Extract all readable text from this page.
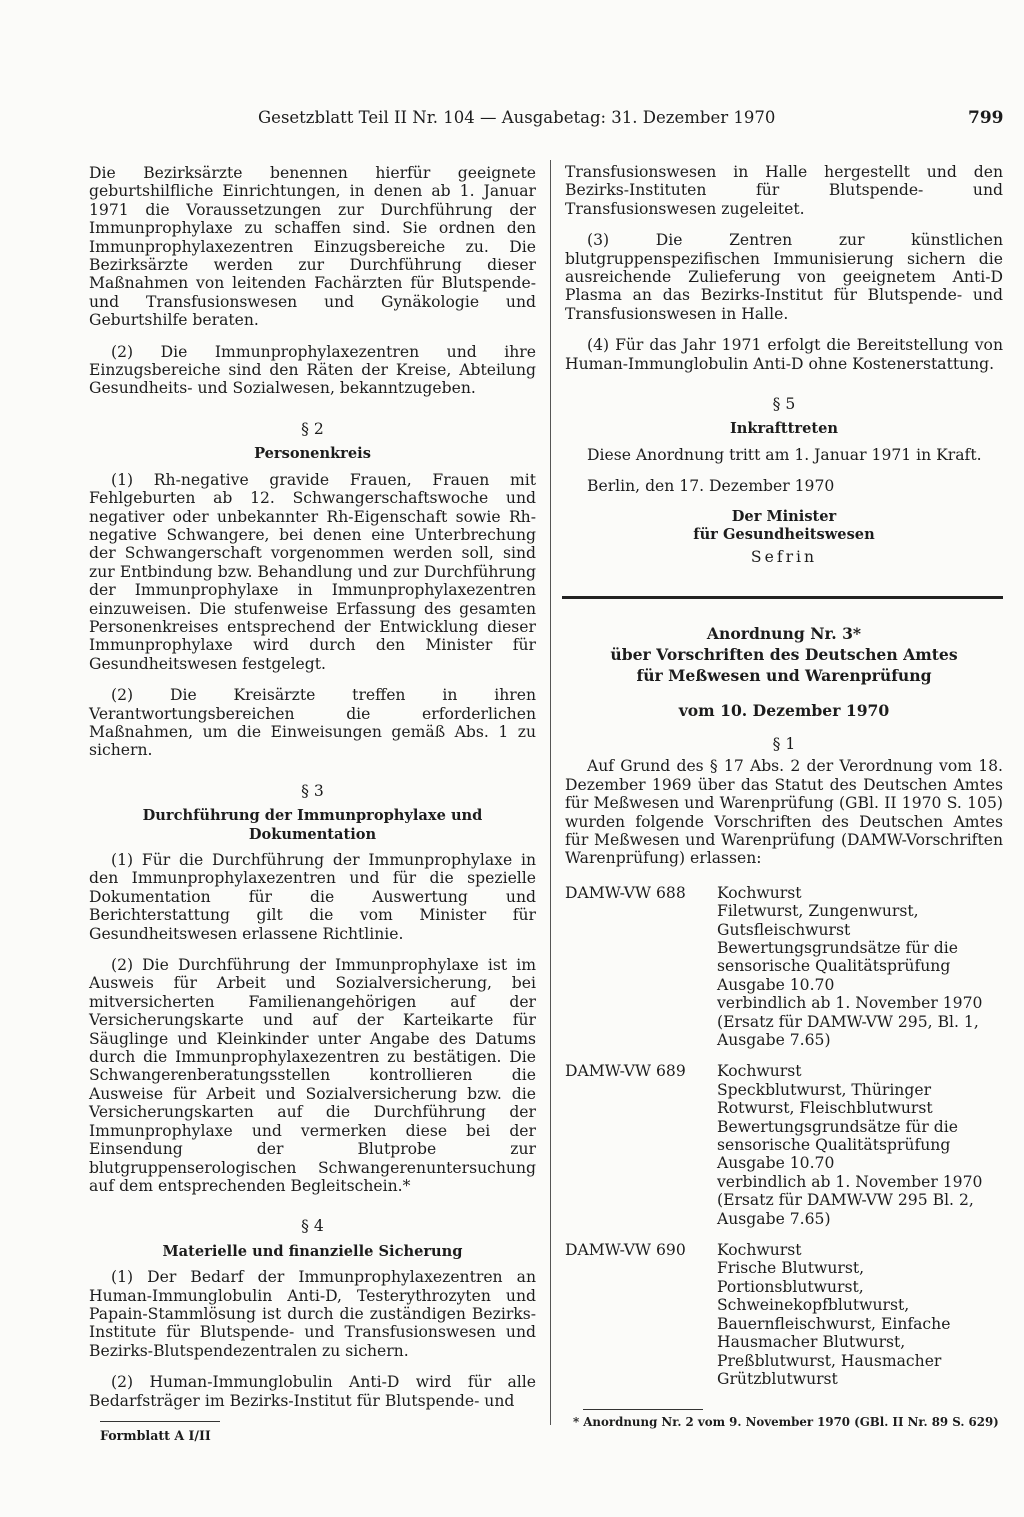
Gesetzblatt Teil II Nr. 104 — Ausgabetag: 31. Dezember 1970	799

Die Bezirksärzte benennen hierfür geeignete geburtshilfliche Einrichtungen, in denen ab 1. Januar 1971 die Voraussetzungen zur Durchführung der Immunprophylaxe zu schaffen sind. Sie ordnen den Immunprophylaxezentren Einzugsbereiche zu. Die Bezirksärzte werden zur Durchführung dieser Maßnahmen von leitenden Fachärzten für Blutspende- und Transfusionswesen und Gynäkologie und Geburtshilfe beraten.

(2) Die Immunprophylaxezentren und ihre Einzugsbereiche sind den Räten der Kreise, Abteilung Gesundheits- und Sozialwesen, bekanntzugeben.

§ 2
Personenkreis

(1) Rh-negative gravide Frauen, Frauen mit Fehlgeburten ab 12. Schwangerschaftswoche und negativer oder unbekannter Rh-Eigenschaft sowie Rh-negative Schwangere, bei denen eine Unterbrechung der Schwangerschaft vorgenommen werden soll, sind zur Entbindung bzw. Behandlung und zur Durchführung der Immunprophylaxe in Immunprophylaxezentren einzuweisen. Die stufenweise Erfassung des gesamten Personenkreises entsprechend der Entwicklung dieser Immunprophylaxe wird durch den Minister für Gesundheitswesen festgelegt.

(2) Die Kreisärzte treffen in ihren Verantwortungsbereichen die erforderlichen Maßnahmen, um die Einweisungen gemäß Abs. 1 zu sichern.

§ 3
Durchführung der Immunprophylaxe und
Dokumentation

(1) Für die Durchführung der Immunprophylaxe in den Immunprophylaxezentren und für die spezielle Dokumentation für die Auswertung und Berichterstattung gilt die vom Minister für Gesundheitswesen erlassene Richtlinie.

(2) Die Durchführung der Immunprophylaxe ist im Ausweis für Arbeit und Sozialversicherung, bei mitversicherten Familienangehörigen auf der Versicherungskarte und auf der Karteikarte für Säuglinge und Kleinkinder unter Angabe des Datums durch die Immunprophylaxezentren zu bestätigen. Die Schwangerenberatungsstellen kontrollieren die Ausweise für Arbeit und Sozialversicherung bzw. die Versicherungskarten auf die Durchführung der Immunprophylaxe und vermerken diese bei der Einsendung der Blutprobe zur blutgruppenserologischen Schwangerenuntersuchung auf dem entsprechenden Begleitschein.*

§ 4
Materielle und finanzielle Sicherung

(1) Der Bedarf der Immunprophylaxezentren an Human-Immunglobulin Anti-D, Testerythrozyten und Papain-Stammlösung ist durch die zuständigen Bezirks-Institute für Blutspende- und Transfusionswesen und Bezirks-Blutspendezentralen zu sichern.

(2) Human-Immunglobulin Anti-D wird für alle Bedarfsträger im Bezirks-Institut für Blutspende- und

Formblatt A I/II

Transfusionswesen in Halle hergestellt und den Bezirks-Instituten für Blutspende- und Transfusionswesen zugeleitet.

(3) Die Zentren zur künstlichen blutgruppenspezifischen Immunisierung sichern die ausreichende Zulieferung von geeignetem Anti-D Plasma an das Bezirks-Institut für Blutspende- und Transfusionswesen in Halle.

(4) Für das Jahr 1971 erfolgt die Bereitstellung von Human-Immunglobulin Anti-D ohne Kostenerstattung.

§ 5
Inkrafttreten

Diese Anordnung tritt am 1. Januar 1971 in Kraft.

Berlin, den 17. Dezember 1970

Der Minister
für Gesundheitswesen
Sefrin
Anordnung Nr. 3*
über Vorschriften des Deutschen Amtes
für Meßwesen und Warenprüfung
vom 10. Dezember 1970
§ 1

Auf Grund des § 17 Abs. 2 der Verordnung vom 18. Dezember 1969 über das Statut des Deutschen Amtes für Meßwesen und Warenprüfung (GBl. II 1970 S. 105) wurden folgende Vorschriften des Deutschen Amtes für Meßwesen und Warenprüfung (DAMW-Vorschriften Warenprüfung) erlassen:

DAMW-VW 688	Kochwurst
Filetwurst, Zungenwurst, Gutsfleischwurst
Bewertungsgrundsätze für die sensorische Qualitätsprüfung
Ausgabe 10.70
verbindlich ab 1. November 1970
(Ersatz für DAMW-VW 295, Bl. 1, Ausgabe 7.65)
DAMW-VW 689	Kochwurst
Speckblutwurst, Thüringer Rotwurst, Fleischblutwurst
Bewertungsgrundsätze für die sensorische Qualitätsprüfung
Ausgabe 10.70
verbindlich ab 1. November 1970
(Ersatz für DAMW-VW 295 Bl. 2, Ausgabe 7.65)
DAMW-VW 690	Kochwurst
Frische Blutwurst, Portionsblutwurst, Schweinekopfblutwurst, Bauernfleischwurst, Einfache Hausmacher Blutwurst, Preßblutwurst, Hausmacher Grützblutwurst
* Anordnung Nr. 2 vom 9. November 1970 (GBl. II Nr. 89 S. 629)
